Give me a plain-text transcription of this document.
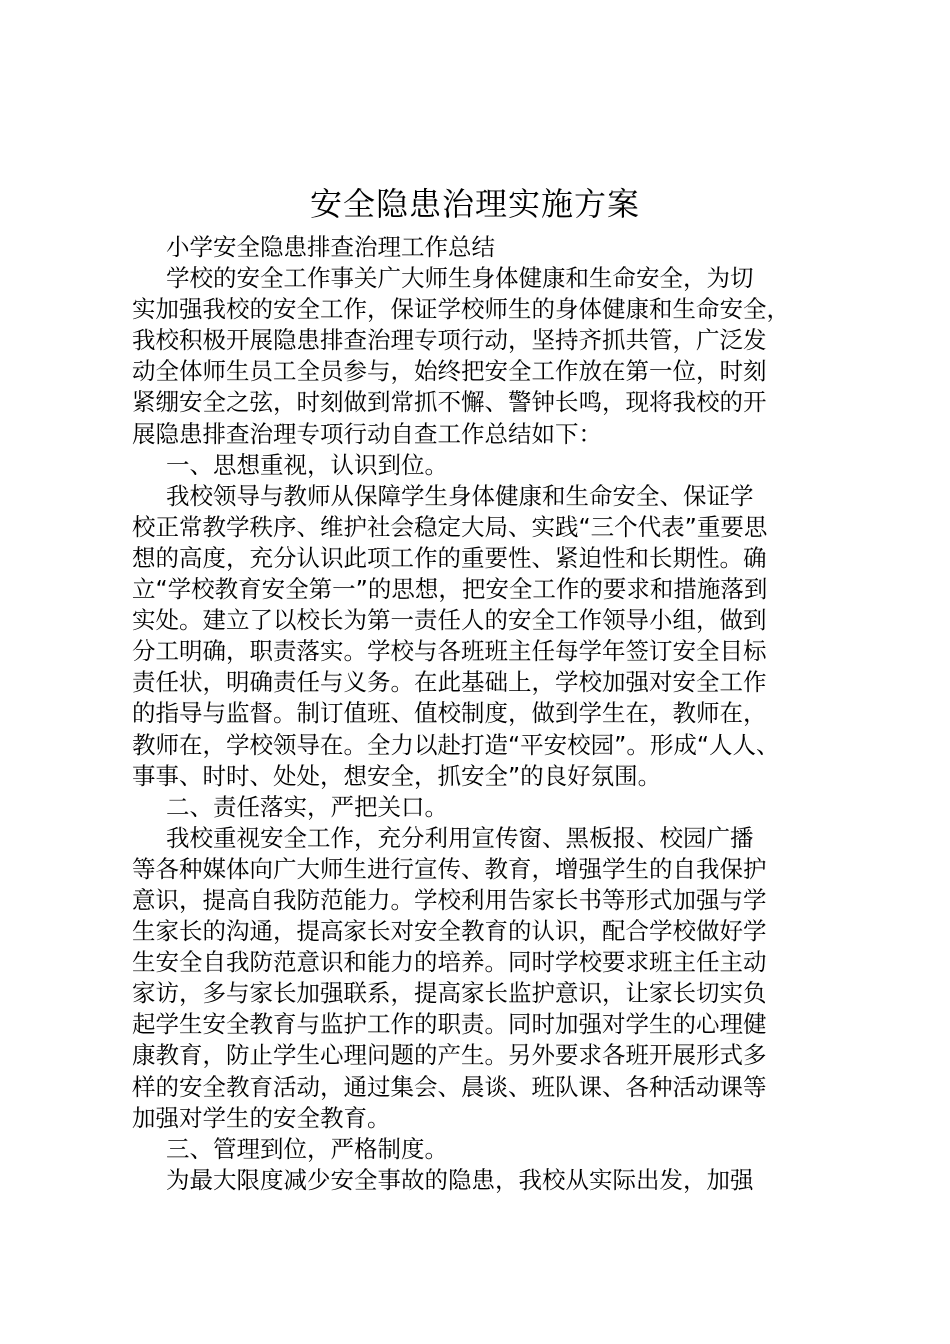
安全隐患治理实施方案
小学安全隐患排查治理工作总结
学校的安全工作事关广大师生身体健康和生命安全，为切
实加强我校的安全工作，保证学校师生的身体健康和生命安全，
我校积极开展隐患排查治理专项行动，坚持齐抓共管，广泛发
动全体师生员工全员参与，始终把安全工作放在第一位，时刻
紧绷安全之弦，时刻做到常抓不懈、警钟长鸣，现将我校的开
展隐患排查治理专项行动自查工作总结如下：
一、思想重视，认识到位。
我校领导与教师从保障学生身体健康和生命安全、保证学
校正常教学秩序、维护社会稳定大局、实践“三个代表”重要思
想的高度，充分认识此项工作的重要性、紧迫性和长期性。确
立“学校教育安全第一”的思想，把安全工作的要求和措施落到
实处。建立了以校长为第一责任人的安全工作领导小组，做到
分工明确，职责落实。学校与各班班主任每学年签订安全目标
责任状，明确责任与义务。在此基础上，学校加强对安全工作
的指导与监督。制订值班、值校制度，做到学生在，教师在，
教师在，学校领导在。全力以赴打造“平安校园”。形成“人人、
事事、时时、处处，想安全，抓安全”的良好氛围。
二、责任落实，严把关口。
我校重视安全工作，充分利用宣传窗、黑板报、校园广播
等各种媒体向广大师生进行宣传、教育，增强学生的自我保护
意识，提高自我防范能力。学校利用告家长书等形式加强与学
生家长的沟通，提高家长对安全教育的认识，配合学校做好学
生安全自我防范意识和能力的培养。同时学校要求班主任主动
家访，多与家长加强联系，提高家长监护意识，让家长切实负
起学生安全教育与监护工作的职责。同时加强对学生的心理健
康教育，防止学生心理问题的产生。另外要求各班开展形式多
样的安全教育活动，通过集会、晨谈、班队课、各种活动课等
加强对学生的安全教育。
三、管理到位，严格制度。
为最大限度减少安全事故的隐患，我校从实际出发，加强
